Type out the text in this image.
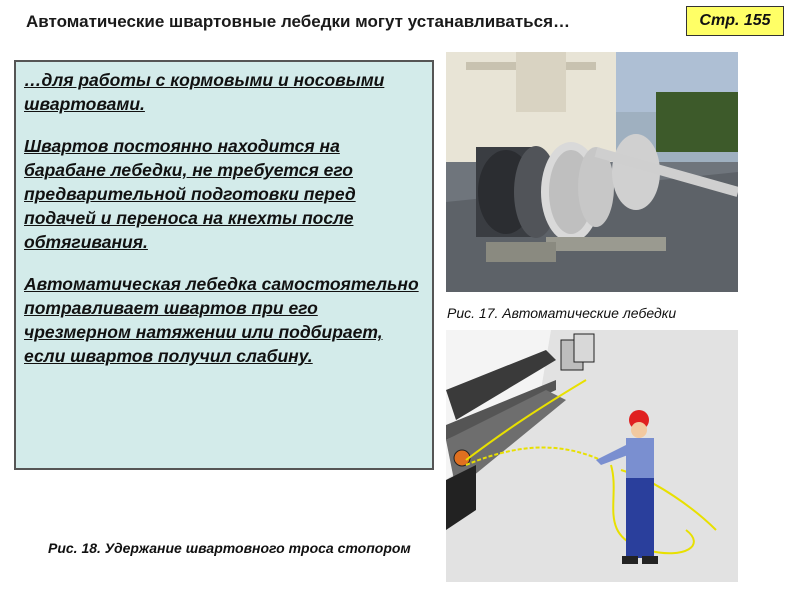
Автоматические швартовные лебедки могут устанавливаться…	Стр. 155

…для работы с кормовыми и носовыми швартовами.

Швартов постоянно находится на барабане лебедки, не требуется его предварительной подготовки перед подачей и переноса на кнехты после обтягивания.

Автоматическая лебедка самостоятельно потравливает швартов при его чрезмерном натяжении или подбирает, если швартов получил слабину.

Рис. 17. Автоматические лебедки
Рис. 18. Удержание швартовного троса стопором
